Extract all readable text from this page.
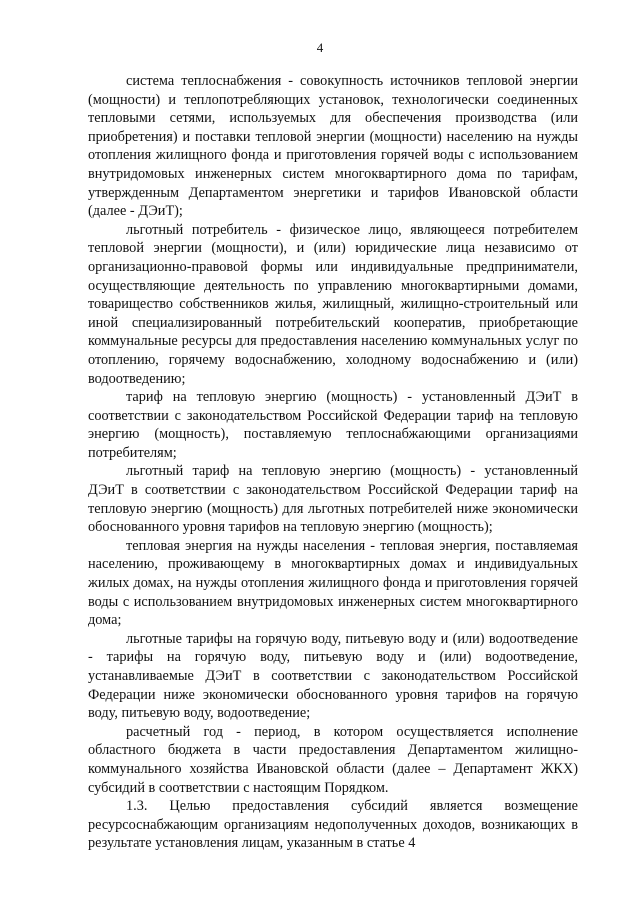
4

система теплоснабжения - совокупность источников тепловой энергии (мощности) и теплопотребляющих установок, технологически соединенных тепловыми сетями, используемых для обеспечения производства (или приобретения) и поставки тепловой энергии (мощности) населению на нужды отопления жилищного фонда и приготовления горячей воды с использованием внутридомовых инженерных систем многоквартирного дома по тарифам, утвержденным Департаментом энергетики и тарифов Ивановской области (далее - ДЭиТ);

льготный потребитель - физическое лицо, являющееся потребителем тепловой энергии (мощности), и (или) юридические лица независимо от организационно-правовой формы или индивидуальные предприниматели, осуществляющие деятельность по управлению многоквартирными домами, товарищество собственников жилья, жилищный, жилищно-строительный или иной специализированный потребительский кооператив, приобретающие коммунальные ресурсы для предоставления населению коммунальных услуг по отоплению, горячему водоснабжению, холодному водоснабжению и (или) водоотведению;

тариф на тепловую энергию (мощность) - установленный ДЭиТ в соответствии с законодательством Российской Федерации тариф на тепловую энергию (мощность), поставляемую теплоснабжающими организациями потребителям;

льготный тариф на тепловую энергию (мощность) - установленный ДЭиТ в соответствии с законодательством Российской Федерации тариф на тепловую энергию (мощность) для льготных потребителей ниже экономически обоснованного уровня тарифов на тепловую энергию (мощность);

тепловая энергия на нужды населения - тепловая энергия, поставляемая населению, проживающему в многоквартирных домах и индивидуальных жилых домах, на нужды отопления жилищного фонда и приготовления горячей воды с использованием внутридомовых инженерных систем многоквартирного дома;

льготные тарифы на горячую воду, питьевую воду и (или) водоотведение - тарифы на горячую воду, питьевую воду и (или) водоотведение, устанавливаемые ДЭиТ в соответствии с законодательством Российской Федерации ниже экономически обоснованного уровня тарифов на горячую воду, питьевую воду, водоотведение;

расчетный год - период, в котором осуществляется исполнение областного бюджета в части предоставления Департаментом жилищно-коммунального хозяйства Ивановской области (далее – Департамент ЖКХ) субсидий в соответствии с настоящим Порядком.

1.3. Целью предоставления субсидий является возмещение ресурсоснабжающим организациям недополученных доходов, возникающих в результате установления лицам, указанным в статье 4
